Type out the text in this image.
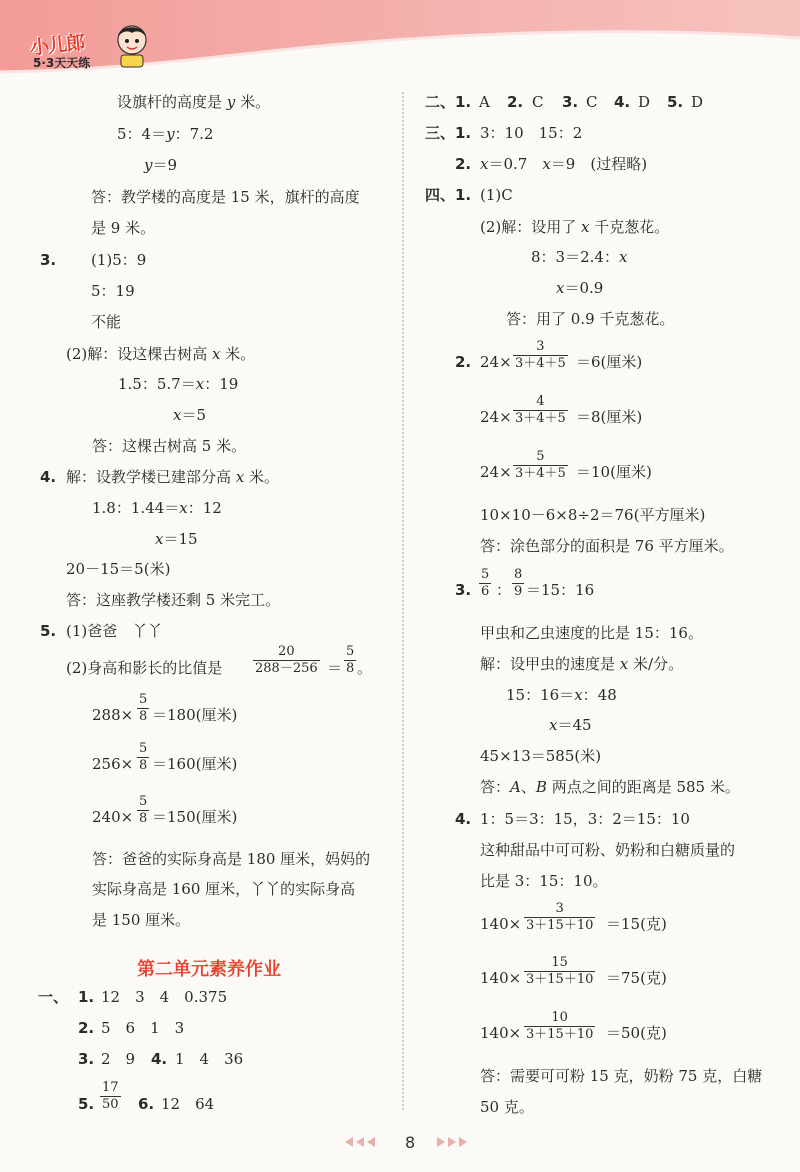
小儿郎
5·3天天练
设旗杆的高度是 y 米。
5：4＝y：7.2
y＝9
答：教学楼的高度是 15 米，旗杆的高度
是 9 米。
3. (1)5：9
5：19
不能
(2)解：设这棵古树高 x 米。
1.5：5.7＝x：19
x＝5
答：这棵古树高 5 米。
4. 解：设教学楼已建部分高 x 米。
1.8：1.44＝x：12
x＝15
20－15＝5(米)
答：这座教学楼还剩 5 米完工。
5. (1)爸爸　丫丫
(2)身高和影长的比值是 $\frac{20}{288-256} = \frac{5}{8}$ 。
$288\times \frac{5}{8} =180$(厘米)
$256\times \frac{5}{8} =160$(厘米)
$240\times \frac{5}{8} =150$(厘米)
答：爸爸的实际身高是 180 厘米，妈妈的
实际身高是 160 厘米，丫丫的实际身高
是 150 厘米。
第二单元素养作业
一、 1. 12　3　4　0.375
2. 5　6　1　3
3. 2　9 4. 1　4　36
5. $\frac{17}{50} 6$. 12　64
二、 1. A 2. C 3. C 4. D 5. D
三、 1. 3：10　15：2
2. x＝0.7　x＝9　(过程略)
四、 1. (1)C
(2)解：设用了 x 千克葱花。
8：3＝2.4：x
x＝0.9
答：用了 0.9 千克葱花。
2. $24\times \frac{3}{3+4+5} =6$(厘米)
$24\times \frac{4}{3+4+5} =8$(厘米)
$24\times \frac{5}{3+4+5} =10$(厘米)
10×10－6×8÷2＝76(平方厘米)
答：涂色部分的面积是 76 平方厘米。
3. $\frac{5}{6}$ ： $\frac{8}{9} =15$：16
甲虫和乙虫速度的比是 15：16。
解：设甲虫的速度是 x 米/分。
15：16＝x：48
x＝45
45×13＝585(米)
答：A、B 两点之间的距离是 585 米。
4. 1：5＝3：15，3：2＝15：10
这种甜品中可可粉、奶粉和白糖质量的
比是 3：15：10。
$140\times \frac{3}{3+15+10} =15$(克)
$140\times \frac{15}{3+15+10} =75$(克)
$140\times \frac{10}{3+15+10} =50$(克)
答：需要可可粉 15 克，奶粉 75 克，白糖
50 克。
8
